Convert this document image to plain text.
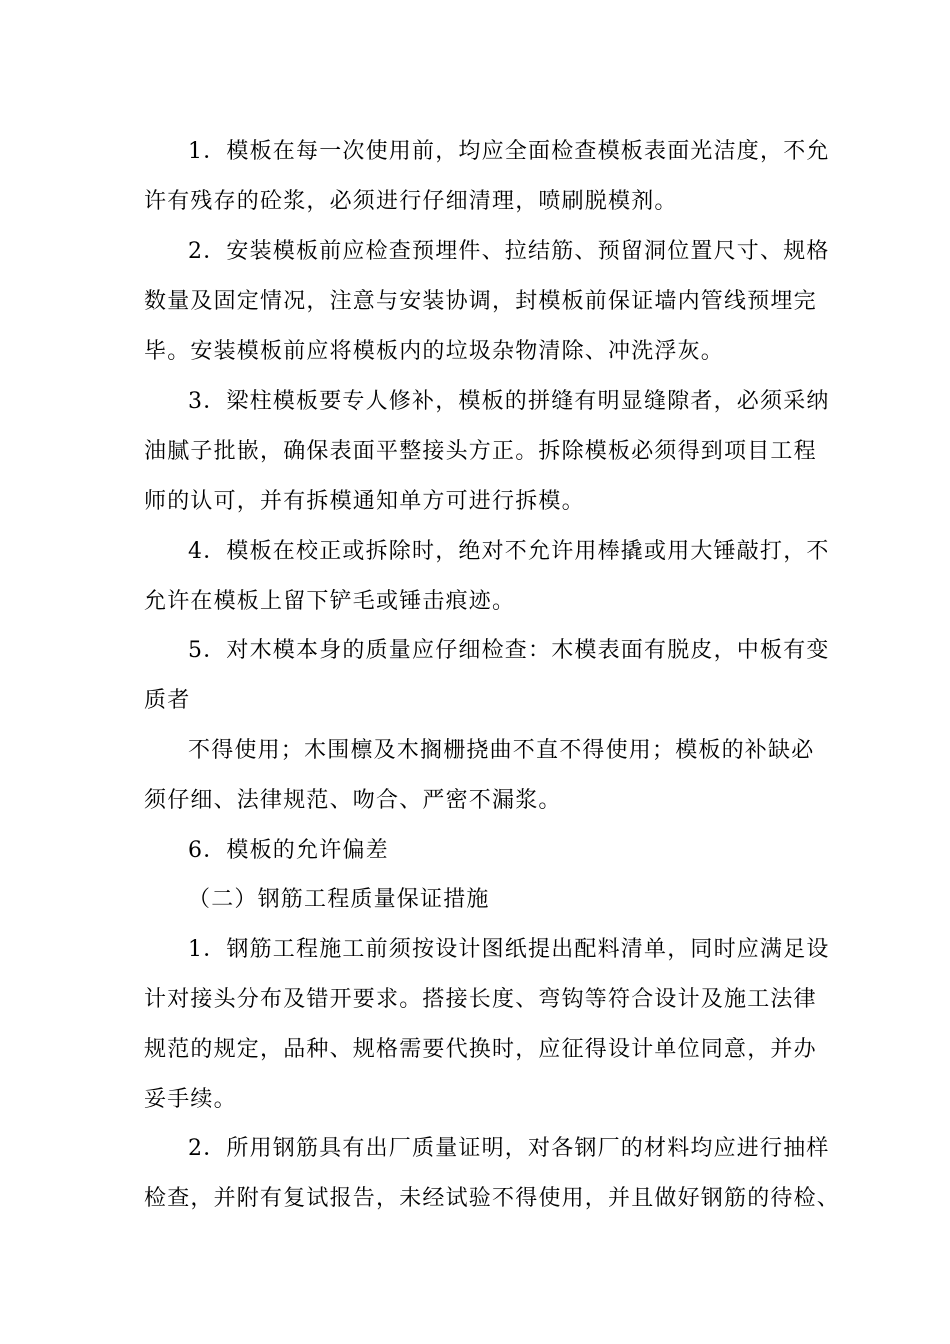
1．模板在每一次使用前，均应全面检查模板表面光洁度，不允
许有残存的砼浆，必须进行仔细清理，喷刷脱模剂。
2．安装模板前应检查预埋件、拉结筋、预留洞位置尺寸、规格
数量及固定情况，注意与安装协调，封模板前保证墙内管线预埋完
毕。安装模板前应将模板内的垃圾杂物清除、冲洗浮灰。
3．梁柱模板要专人修补，模板的拼缝有明显缝隙者，必须采纳
油腻子批嵌，确保表面平整接头方正。拆除模板必须得到项目工程
师的认可，并有拆模通知单方可进行拆模。
4．模板在校正或拆除时，绝对不允许用棒撬或用大锤敲打，不
允许在模板上留下铲毛或锤击痕迹。
5．对木模本身的质量应仔细检查：木模表面有脱皮，中板有变
质者
不得使用；木围檩及木搁栅挠曲不直不得使用；模板的补缺必
须仔细、法律规范、吻合、严密不漏浆。
6．模板的允许偏差
（二）钢筋工程质量保证措施
1．钢筋工程施工前须按设计图纸提出配料清单，同时应满足设
计对接头分布及错开要求。搭接长度、弯钩等符合设计及施工法律
规范的规定，品种、规格需要代换时，应征得设计单位同意，并办
妥手续。
2．所用钢筋具有出厂质量证明，对各钢厂的材料均应进行抽样
检查，并附有复试报告，未经试验不得使用，并且做好钢筋的待检、
